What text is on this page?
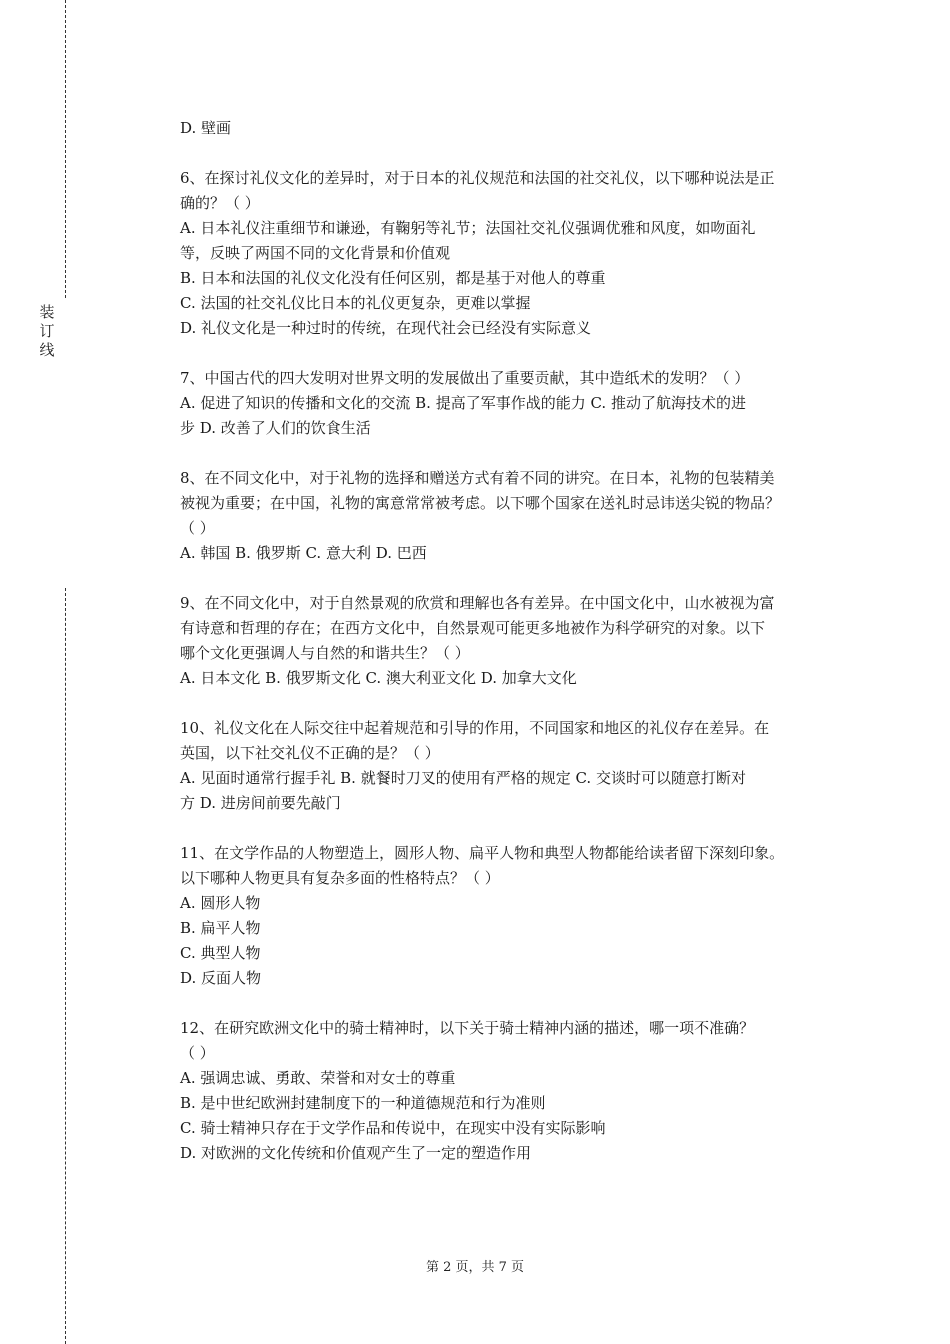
装
订
线
D. 壁画
6、在探讨礼仪文化的差异时，对于日本的礼仪规范和法国的社交礼仪，以下哪种说法是正
确的？（ ）
A. 日本礼仪注重细节和谦逊，有鞠躬等礼节；法国社交礼仪强调优雅和风度，如吻面礼
等，反映了两国不同的文化背景和价值观
B. 日本和法国的礼仪文化没有任何区别，都是基于对他人的尊重
C. 法国的社交礼仪比日本的礼仪更复杂，更难以掌握
D. 礼仪文化是一种过时的传统，在现代社会已经没有实际意义
7、中国古代的四大发明对世界文明的发展做出了重要贡献，其中造纸术的发明？（ ）
A. 促进了知识的传播和文化的交流 B. 提高了军事作战的能力 C. 推动了航海技术的进
步 D. 改善了人们的饮食生活
8、在不同文化中，对于礼物的选择和赠送方式有着不同的讲究。在日本，礼物的包装精美
被视为重要；在中国，礼物的寓意常常被考虑。以下哪个国家在送礼时忌讳送尖锐的物品？
（ ）
A. 韩国 B. 俄罗斯 C. 意大利 D. 巴西
9、在不同文化中，对于自然景观的欣赏和理解也各有差异。在中国文化中，山水被视为富
有诗意和哲理的存在；在西方文化中，自然景观可能更多地被作为科学研究的对象。以下
哪个文化更强调人与自然的和谐共生？（ ）
A. 日本文化 B. 俄罗斯文化 C. 澳大利亚文化 D. 加拿大文化
10、礼仪文化在人际交往中起着规范和引导的作用，不同国家和地区的礼仪存在差异。在
英国，以下社交礼仪不正确的是？（ ）
A. 见面时通常行握手礼 B. 就餐时刀叉的使用有严格的规定 C. 交谈时可以随意打断对
方 D. 进房间前要先敲门
11、在文学作品的人物塑造上，圆形人物、扁平人物和典型人物都能给读者留下深刻印象。
以下哪种人物更具有复杂多面的性格特点？（ ）
A. 圆形人物
B. 扁平人物
C. 典型人物
D. 反面人物
12、在研究欧洲文化中的骑士精神时，以下关于骑士精神内涵的描述，哪一项不准确？
（ ）
A. 强调忠诚、勇敢、荣誉和对女士的尊重
B. 是中世纪欧洲封建制度下的一种道德规范和行为准则
C. 骑士精神只存在于文学作品和传说中，在现实中没有实际影响
D. 对欧洲的文化传统和价值观产生了一定的塑造作用
第 2 页，共 7 页
